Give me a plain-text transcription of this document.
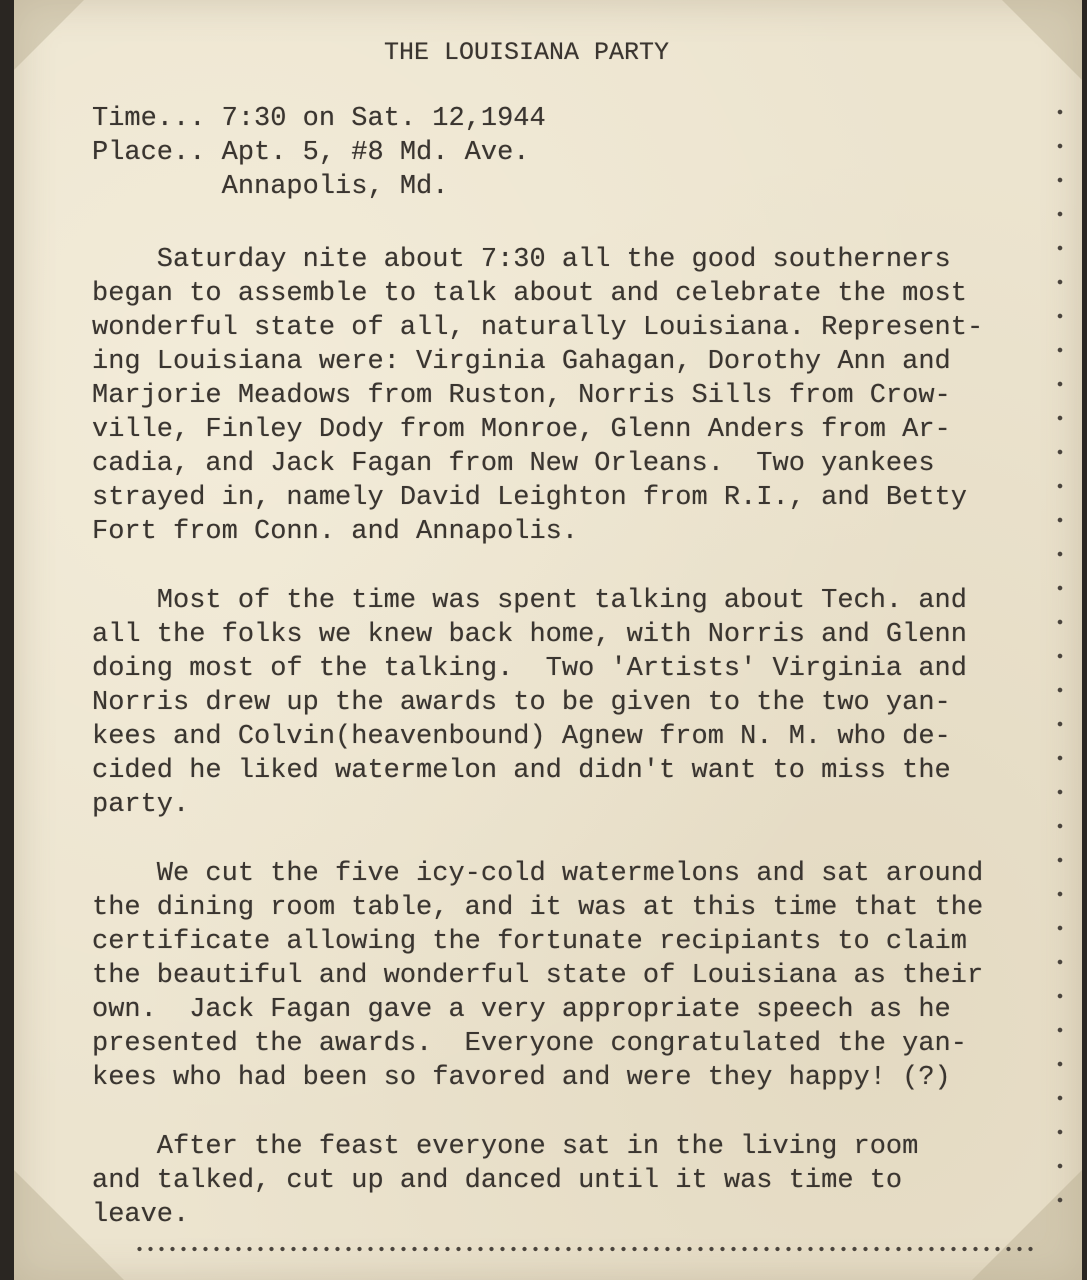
THE LOUISIANA PARTY
Time... 7:30 on Sat. 12,1944
Place.. Apt. 5, #8 Md. Ave.
Annapolis, Md.
Saturday nite about 7:30 all the good southerners
began to assemble to talk about and celebrate the most
wonderful state of all, naturally Louisiana. Represent-
ing Louisiana were: Virginia Gahagan, Dorothy Ann and
Marjorie Meadows from Ruston, Norris Sills from Crow-
ville, Finley Dody from Monroe, Glenn Anders from Ar-
cadia, and Jack Fagan from New Orleans.  Two yankees
strayed in, namely David Leighton from R.I., and Betty
Fort from Conn. and Annapolis.
Most of the time was spent talking about Tech. and
all the folks we knew back home, with Norris and Glenn
doing most of the talking.  Two 'Artists' Virginia and
Norris drew up the awards to be given to the two yan-
kees and Colvin(heavenbound) Agnew from N. M. who de-
cided he liked watermelon and didn't want to miss the
party.
We cut the five icy-cold watermelons and sat around
the dining room table, and it was at this time that the
certificate allowing the fortunate recipiants to claim
the beautiful and wonderful state of Louisiana as their
own.  Jack Fagan gave a very appropriate speech as he
presented the awards.  Everyone congratulated the yan-
kees who had been so favored and were they happy! (?)
After the feast everyone sat in the living room
and talked, cut up and danced until it was time to
leave.
